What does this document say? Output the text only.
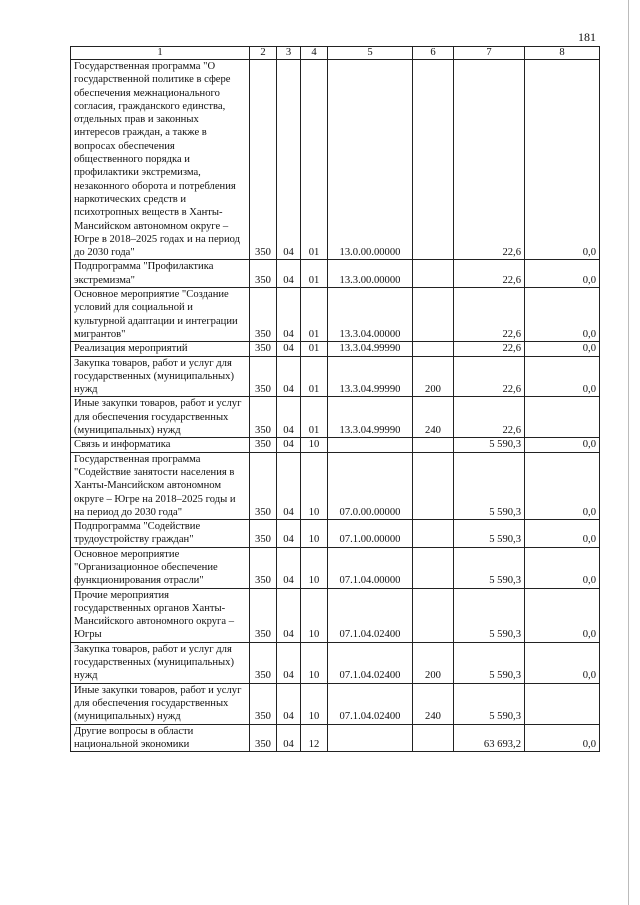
181
1	2	3	4	5	6	7	8
Государственная программа "О государственной политике в сфере обеспечения межнационального согласия, гражданского единства, отдельных прав и законных интересов граждан, а также в вопросах обеспечения общественного порядка и профилактики экстремизма, незаконного оборота и потребления наркотических средств и психотропных веществ в Ханты-Мансийском автономном округе – Югре в 2018–2025 годах и на период до 2030 года"	350	04	01	13.0.00.00000		22,6	0,0
Подпрограмма "Профилактика экстремизма"	350	04	01	13.3.00.00000		22,6	0,0
Основное мероприятие "Создание условий для социальной и культурной адаптации и интеграции мигрантов"	350	04	01	13.3.04.00000		22,6	0,0
Реализация мероприятий	350	04	01	13.3.04.99990		22,6	0,0
Закупка товаров, работ и услуг для государственных (муниципальных) нужд	350	04	01	13.3.04.99990	200	22,6	0,0
Иные закупки товаров, работ и услуг для обеспечения государственных (муниципальных) нужд	350	04	01	13.3.04.99990	240	22,6	
Связь и информатика	350	04	10			5 590,3	0,0
Государственная программа "Содействие занятости населения в Ханты-Мансийском автономном округе – Югре на 2018–2025 годы и на период до 2030 года"	350	04	10	07.0.00.00000		5 590,3	0,0
Подпрограмма "Содействие трудоустройству граждан"	350	04	10	07.1.00.00000		5 590,3	0,0
Основное мероприятие "Организационное обеспечение функционирования отрасли"	350	04	10	07.1.04.00000		5 590,3	0,0
Прочие мероприятия государственных органов Ханты-Мансийского автономного округа – Югры	350	04	10	07.1.04.02400		5 590,3	0,0
Закупка товаров, работ и услуг для государственных (муниципальных) нужд	350	04	10	07.1.04.02400	200	5 590,3	0,0
Иные закупки товаров, работ и услуг для обеспечения государственных (муниципальных) нужд	350	04	10	07.1.04.02400	240	5 590,3	
Другие вопросы в области национальной экономики	350	04	12			63 693,2	0,0
